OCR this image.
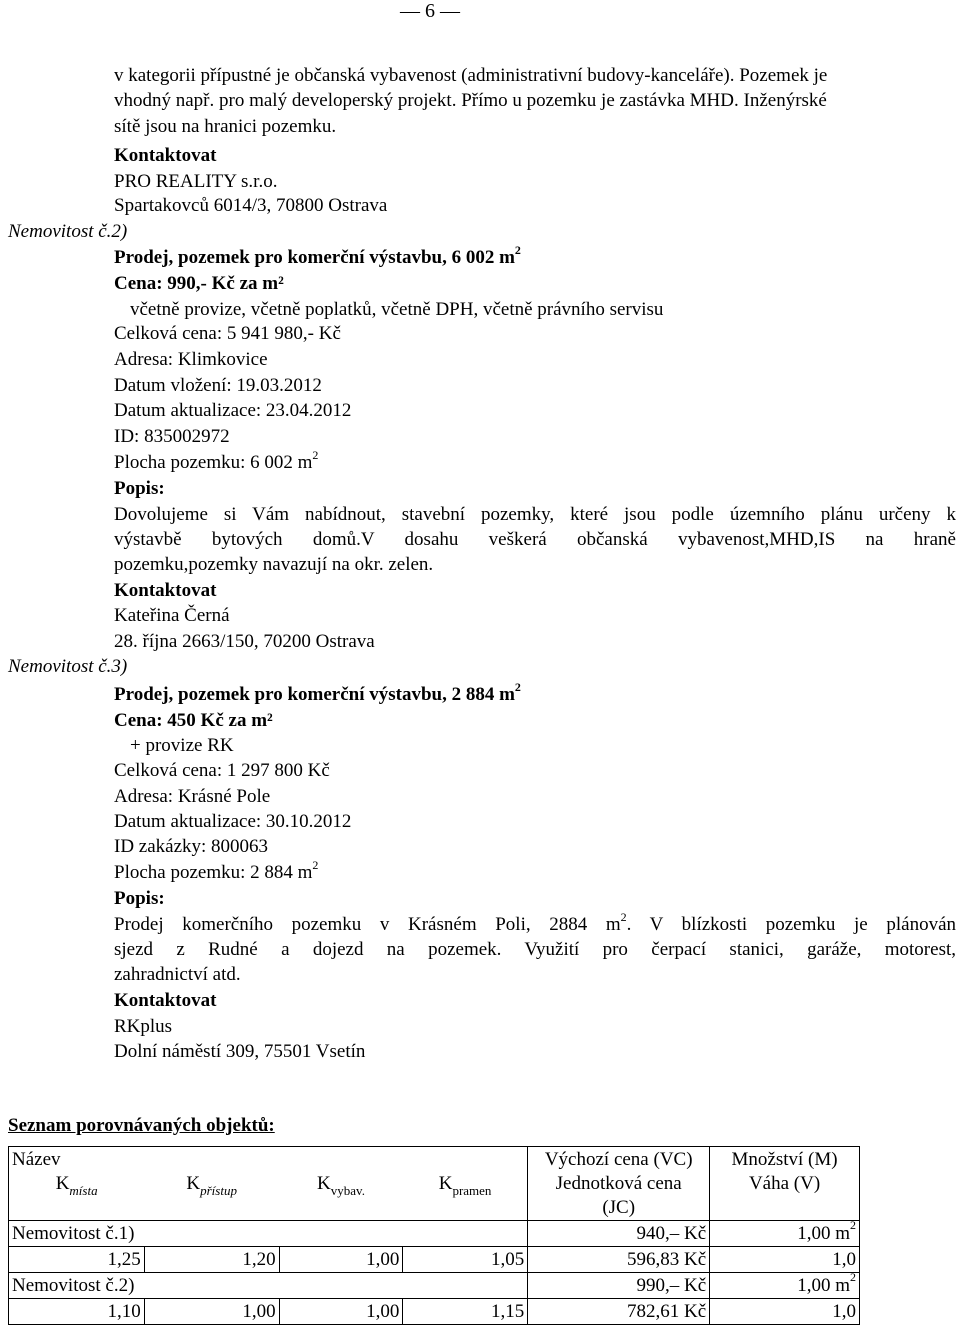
— 6 —
v kategorii přípustné je občanská vybavenost (administrativní budovy-kanceláře). Pozemek je
vhodný např. pro malý developerský projekt. Přímo u pozemku je zastávka MHD. Inženýrské
sítě jsou na hranici pozemku.
Kontaktovat
PRO REALITY s.r.o.
Spartakovců 6014/3, 70800 Ostrava
Nemovitost č.2)
Prodej, pozemek pro komerční výstavbu, 6 002 $m^2$
Cena: 990,- Kč za m²
včetně provize, včetně poplatků, včetně DPH, včetně právního servisu
Celková cena: 5 941 980,- Kč
Adresa: Klimkovice
Datum vložení: 19.03.2012
Datum aktualizace: 23.04.2012
ID: 835002972
Plocha pozemku: 6 002 $m^2$
Popis:
Dovolujeme si Vám nabídnout, stavební pozemky, které jsou podle územního plánu určeny k
výstavbě bytových domů.V dosahu veškerá občanská vybavenost,MHD,IS na hraně
pozemku,pozemky navazují na okr. zelen.
Kontaktovat
Kateřina Černá
28. října 2663/150, 70200 Ostrava
Nemovitost č.3)
Prodej, pozemek pro komerční výstavbu, 2 884 $m^2$
Cena: 450 Kč za m²
+ provize RK
Celková cena: 1 297 800 Kč
Adresa: Krásné Pole
Datum aktualizace: 30.10.2012
ID zakázky: 800063
Plocha pozemku: 2 884 $m^2$
Popis:
Prodej komerčního pozemku v Krásném Poli, 2884 $m^2$. V blízkosti pozemku je plánován
sjezd z Rudné a dojezd na pozemek. Využití pro čerpací stanici, garáže, motorest,
zahradnictví atd.
Kontaktovat
RKplus
Dolní náměstí 309, 75501 Vsetín
Seznam porovnávaných objektů:
Název				Výchozí cena (VC)	Množství (M)
$K_{místa}$	$K_{přístup}$	$K_{vybav.}$	$K_{pramen}$	Jednotková cena (JC)	Váha (V)
Nemovitost č.1)				940,– Kč	1,00 $m^2$
1,25	1,20	1,00	1,05	596,83 Kč	1,0
Nemovitost č.2)				990,– Kč	1,00 $m^2$
1,10	1,00	1,00	1,15	782,61 Kč	1,0
